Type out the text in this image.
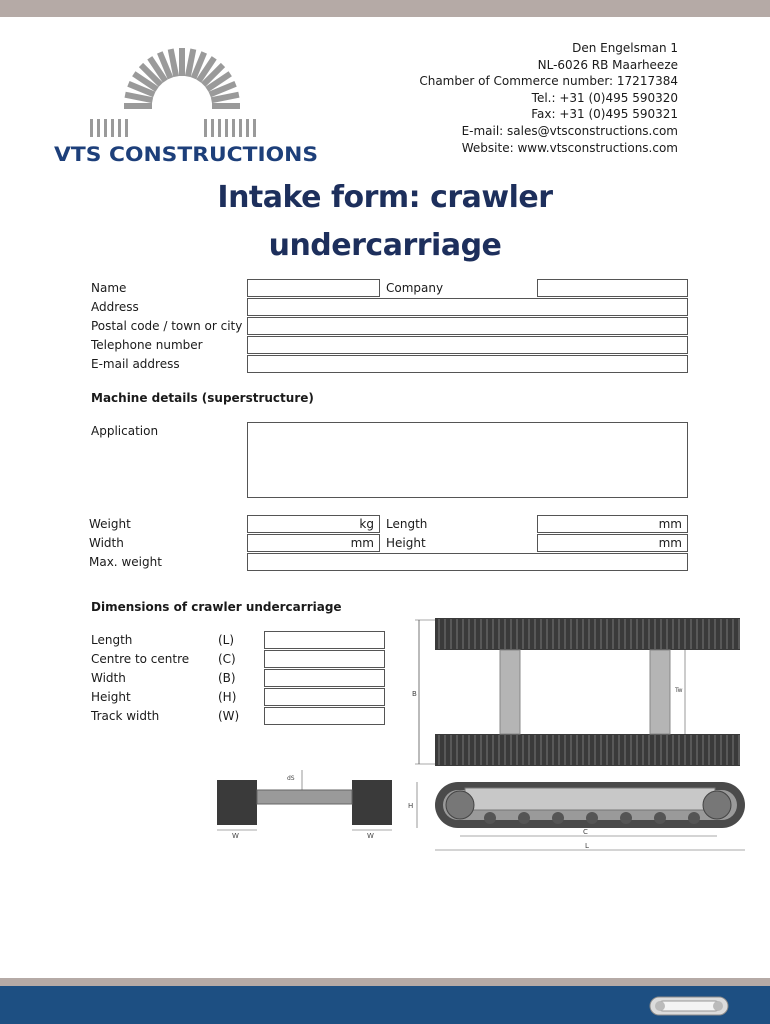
VTS CONSTRUCTIONS
Den Engelsman 1
NL-6026 RB Maarheeze
Chamber of Commerce number: 17217384
Tel.: +31 (0)495 590320
Fax: +31 (0)495 590321
E-mail: sales@vtsconstructions.com
Website: www.vtsconstructions.com
Intake form: crawler
undercarriage
Name	Company
Address
Postal code / town or city
Telephone number
E-mail address
Machine details (superstructure)
Application
Weight	kg Length	mm
Width	mm Height	mm
Max. weight
Dimensions of crawler undercarriage
Length	(L)
Centre to centre (C)
Width	(B)
Height	(H)
Track width	(W)
B	Tw
H
C
L
dS
W	W
